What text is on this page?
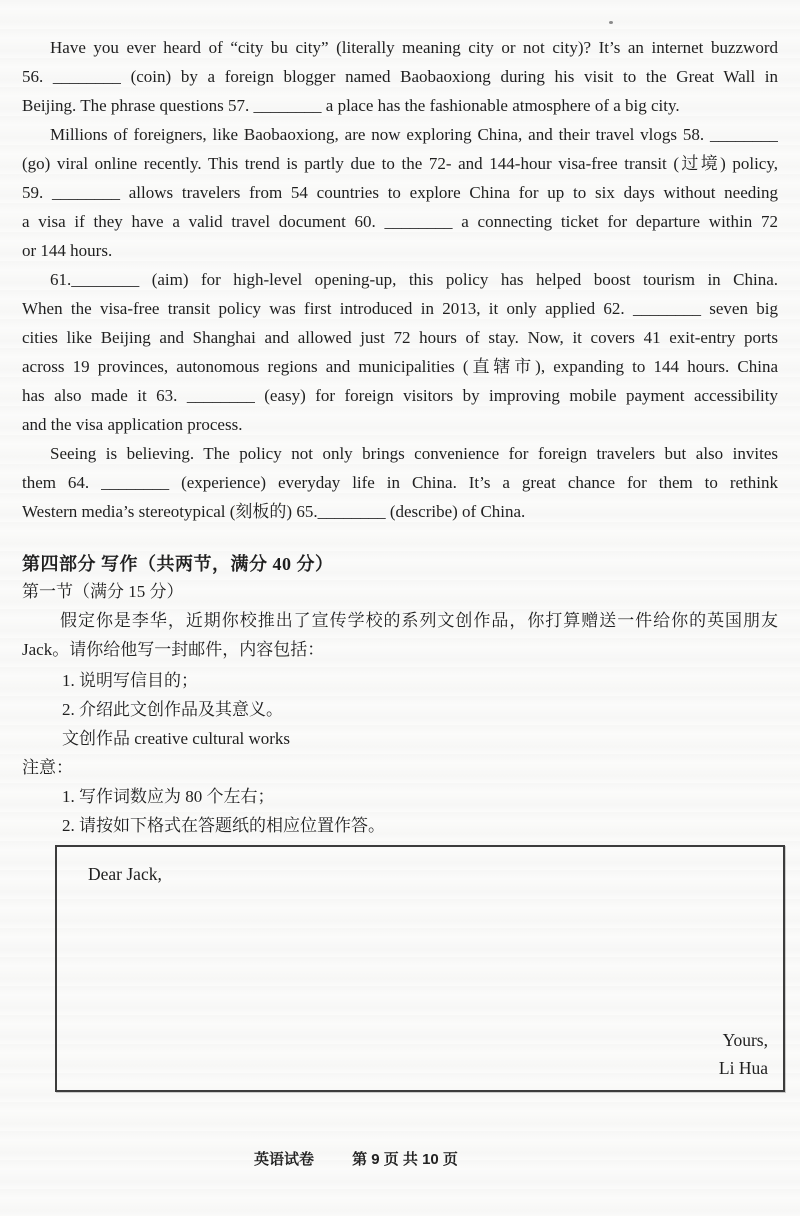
Have you ever heard of “city bu city” (literally meaning city or not city)? It’s an internet buzzword
56. ________ (coin) by a foreign blogger named Baobaoxiong during his visit to the Great Wall in
Beijing. The phrase questions 57. ________ a place has the fashionable atmosphere of a big city.
Millions of foreigners, like Baobaoxiong, are now exploring China, and their travel vlogs 58. ________
(go) viral online recently. This trend is partly due to the 72- and 144-hour visa-free transit (过境) policy,
59. ________ allows travelers from 54 countries to explore China for up to six days without needing
a visa if they have a valid travel document 60. ________ a connecting ticket for departure within 72
or 144 hours.
61.________ (aim) for high-level opening-up, this policy has helped boost tourism in China.
When the visa-free transit policy was first introduced in 2013, it only applied 62. ________ seven big
cities like Beijing and Shanghai and allowed just 72 hours of stay. Now, it covers 41 exit-entry ports
across 19 provinces, autonomous regions and municipalities (直辖市), expanding to 144 hours. China
has also made it 63. ________ (easy) for foreign visitors by improving mobile payment accessibility
and the visa application process.
Seeing is believing. The policy not only brings convenience for foreign travelers but also invites
them 64. ________ (experience) everyday life in China. It’s a great chance for them to rethink
Western media’s stereotypical (刻板的) 65.________ (describe) of China.
第四部分 写作（共两节，满分 40 分）
第一节（满分 15 分）
假定你是李华，近期你校推出了宣传学校的系列文创作品，你打算赠送一件给你的英国朋友
Jack。请你给他写一封邮件，内容包括：
1. 说明写信目的；
2. 介绍此文创作品及其意义。
文创作品 creative cultural works
注意：
1. 写作词数应为 80 个左右；
2. 请按如下格式在答题纸的相应位置作答。
Dear Jack,
Yours,
Li Hua
英语试卷	第 9 页 共 10 页
